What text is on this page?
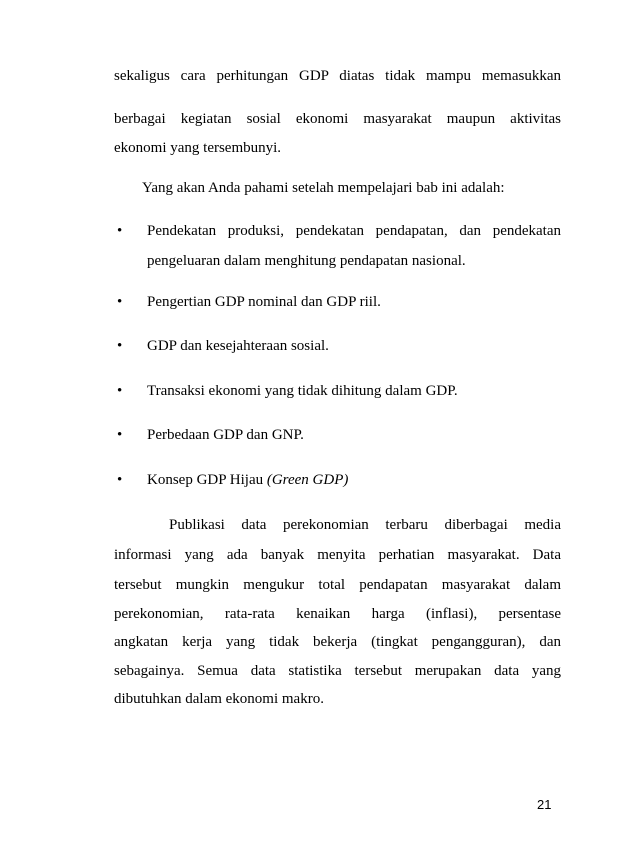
sekaligus cara perhitungan GDP diatas tidak mampu memasukkan
berbagai kegiatan sosial ekonomi masyarakat maupun aktivitas
ekonomi yang tersembunyi.
Yang akan Anda pahami setelah mempelajari bab ini adalah:
•	Pendekatan produksi, pendekatan pendapatan, dan pendekatan
pengeluaran dalam menghitung pendapatan nasional.
•	Pengertian GDP nominal dan GDP riil.
•	GDP dan kesejahteraan sosial.
•	Transaksi ekonomi yang tidak dihitung dalam GDP.
•	Perbedaan GDP dan GNP.
•	Konsep GDP Hijau (Green GDP)
Publikasi data perekonomian terbaru diberbagai media
informasi yang ada banyak menyita perhatian masyarakat. Data
tersebut mungkin mengukur total pendapatan masyarakat dalam
perekonomian, rata-rata kenaikan harga (inflasi), persentase
angkatan kerja yang tidak bekerja (tingkat pengangguran), dan
sebagainya. Semua data statistika tersebut merupakan data yang
dibutuhkan dalam ekonomi makro.
21
